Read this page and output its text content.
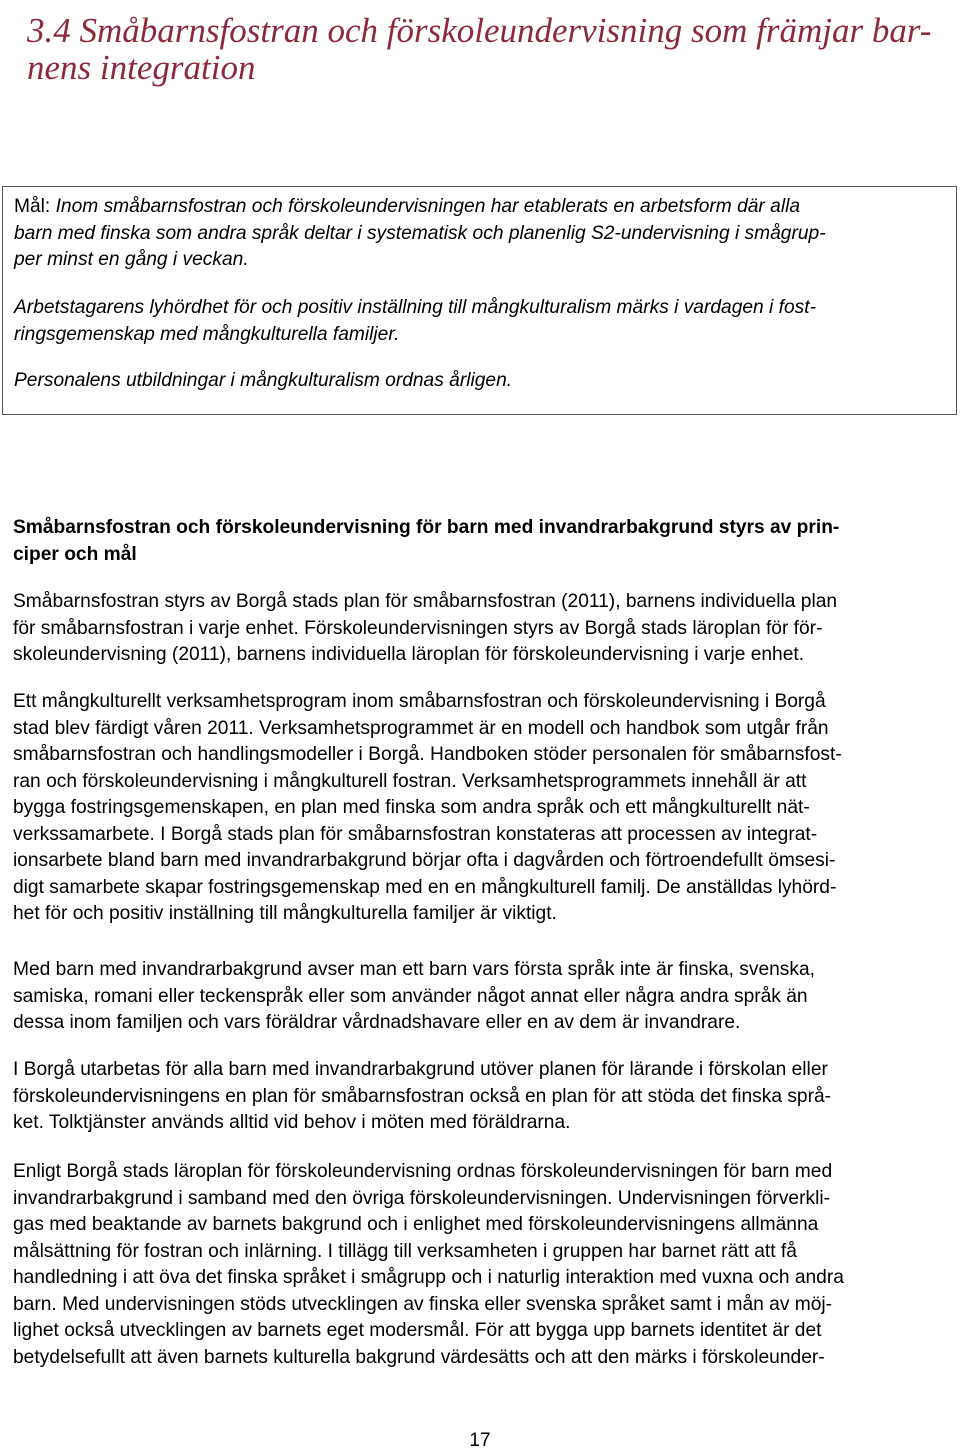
3.4 Småbarnsfostran och förskoleundervisning som främjar bar-
nens integration

Mål: Inom småbarnsfostran och förskoleundervisningen har etablerats en arbetsform där alla
barn med finska som andra språk deltar i systematisk och planenlig S2-undervisning i smågrup-
per minst en gång i veckan.

Arbetstagarens lyhördhet för och positiv inställning till mångkulturalism märks i vardagen i fost-
ringsgemenskap med mångkulturella familjer.

Personalens utbildningar i mångkulturalism ordnas årligen.

Småbarnsfostran och förskoleundervisning för barn med invandrarbakgrund styrs av prin-
ciper och mål

Småbarnsfostran styrs av Borgå stads plan för småbarnsfostran (2011), barnens individuella plan
för småbarnsfostran i varje enhet. Förskoleundervisningen styrs av Borgå stads läroplan för för-
skoleundervisning (2011), barnens individuella läroplan för förskoleundervisning i varje enhet.

Ett mångkulturellt verksamhetsprogram inom småbarnsfostran och förskoleundervisning i Borgå
stad blev färdigt våren 2011. Verksamhetsprogrammet är en modell och handbok som utgår från
småbarnsfostran och handlingsmodeller i Borgå. Handboken stöder personalen för småbarnsfost-
ran och förskoleundervisning i mångkulturell fostran. Verksamhetsprogrammets innehåll är att
bygga fostringsgemenskapen, en plan med finska som andra språk och ett mångkulturellt nät-
verkssamarbete. I Borgå stads plan för småbarnsfostran konstateras att processen av integrat-
ionsarbete bland barn med invandrarbakgrund börjar ofta i dagvården och förtroendefullt ömsesi-
digt samarbete skapar fostringsgemenskap med en en mångkulturell familj. De anställdas lyhörd-
het för och positiv inställning till mångkulturella familjer är viktigt.

Med barn med invandrarbakgrund avser man ett barn vars första språk inte är finska, svenska,
samiska, romani eller teckenspråk eller som använder något annat eller några andra språk än
dessa inom familjen och vars föräldrar vårdnadshavare eller en av dem är invandrare.

I Borgå utarbetas för alla barn med invandrarbakgrund utöver planen för lärande i förskolan eller
förskoleundervisningens en plan för småbarnsfostran också en plan för att stöda det finska språ-
ket. Tolktjänster används alltid vid behov i möten med föräldrarna.

Enligt Borgå stads läroplan för förskoleundervisning ordnas förskoleundervisningen för barn med
invandrarbakgrund i samband med den övriga förskoleundervisningen. Undervisningen förverkli-
gas med beaktande av barnets bakgrund och i enlighet med förskoleundervisningens allmänna
målsättning för fostran och inlärning. I tillägg till verksamheten i gruppen har barnet rätt att få
handledning i att öva det finska språket i smågrupp och i naturlig interaktion med vuxna och andra
barn. Med undervisningen stöds utvecklingen av finska eller svenska språket samt i mån av möj-
lighet också utvecklingen av barnets eget modersmål. För att bygga upp barnets identitet är det
betydelsefullt att även barnets kulturella bakgrund värdesätts och att den märks i förskoleunder-

17
